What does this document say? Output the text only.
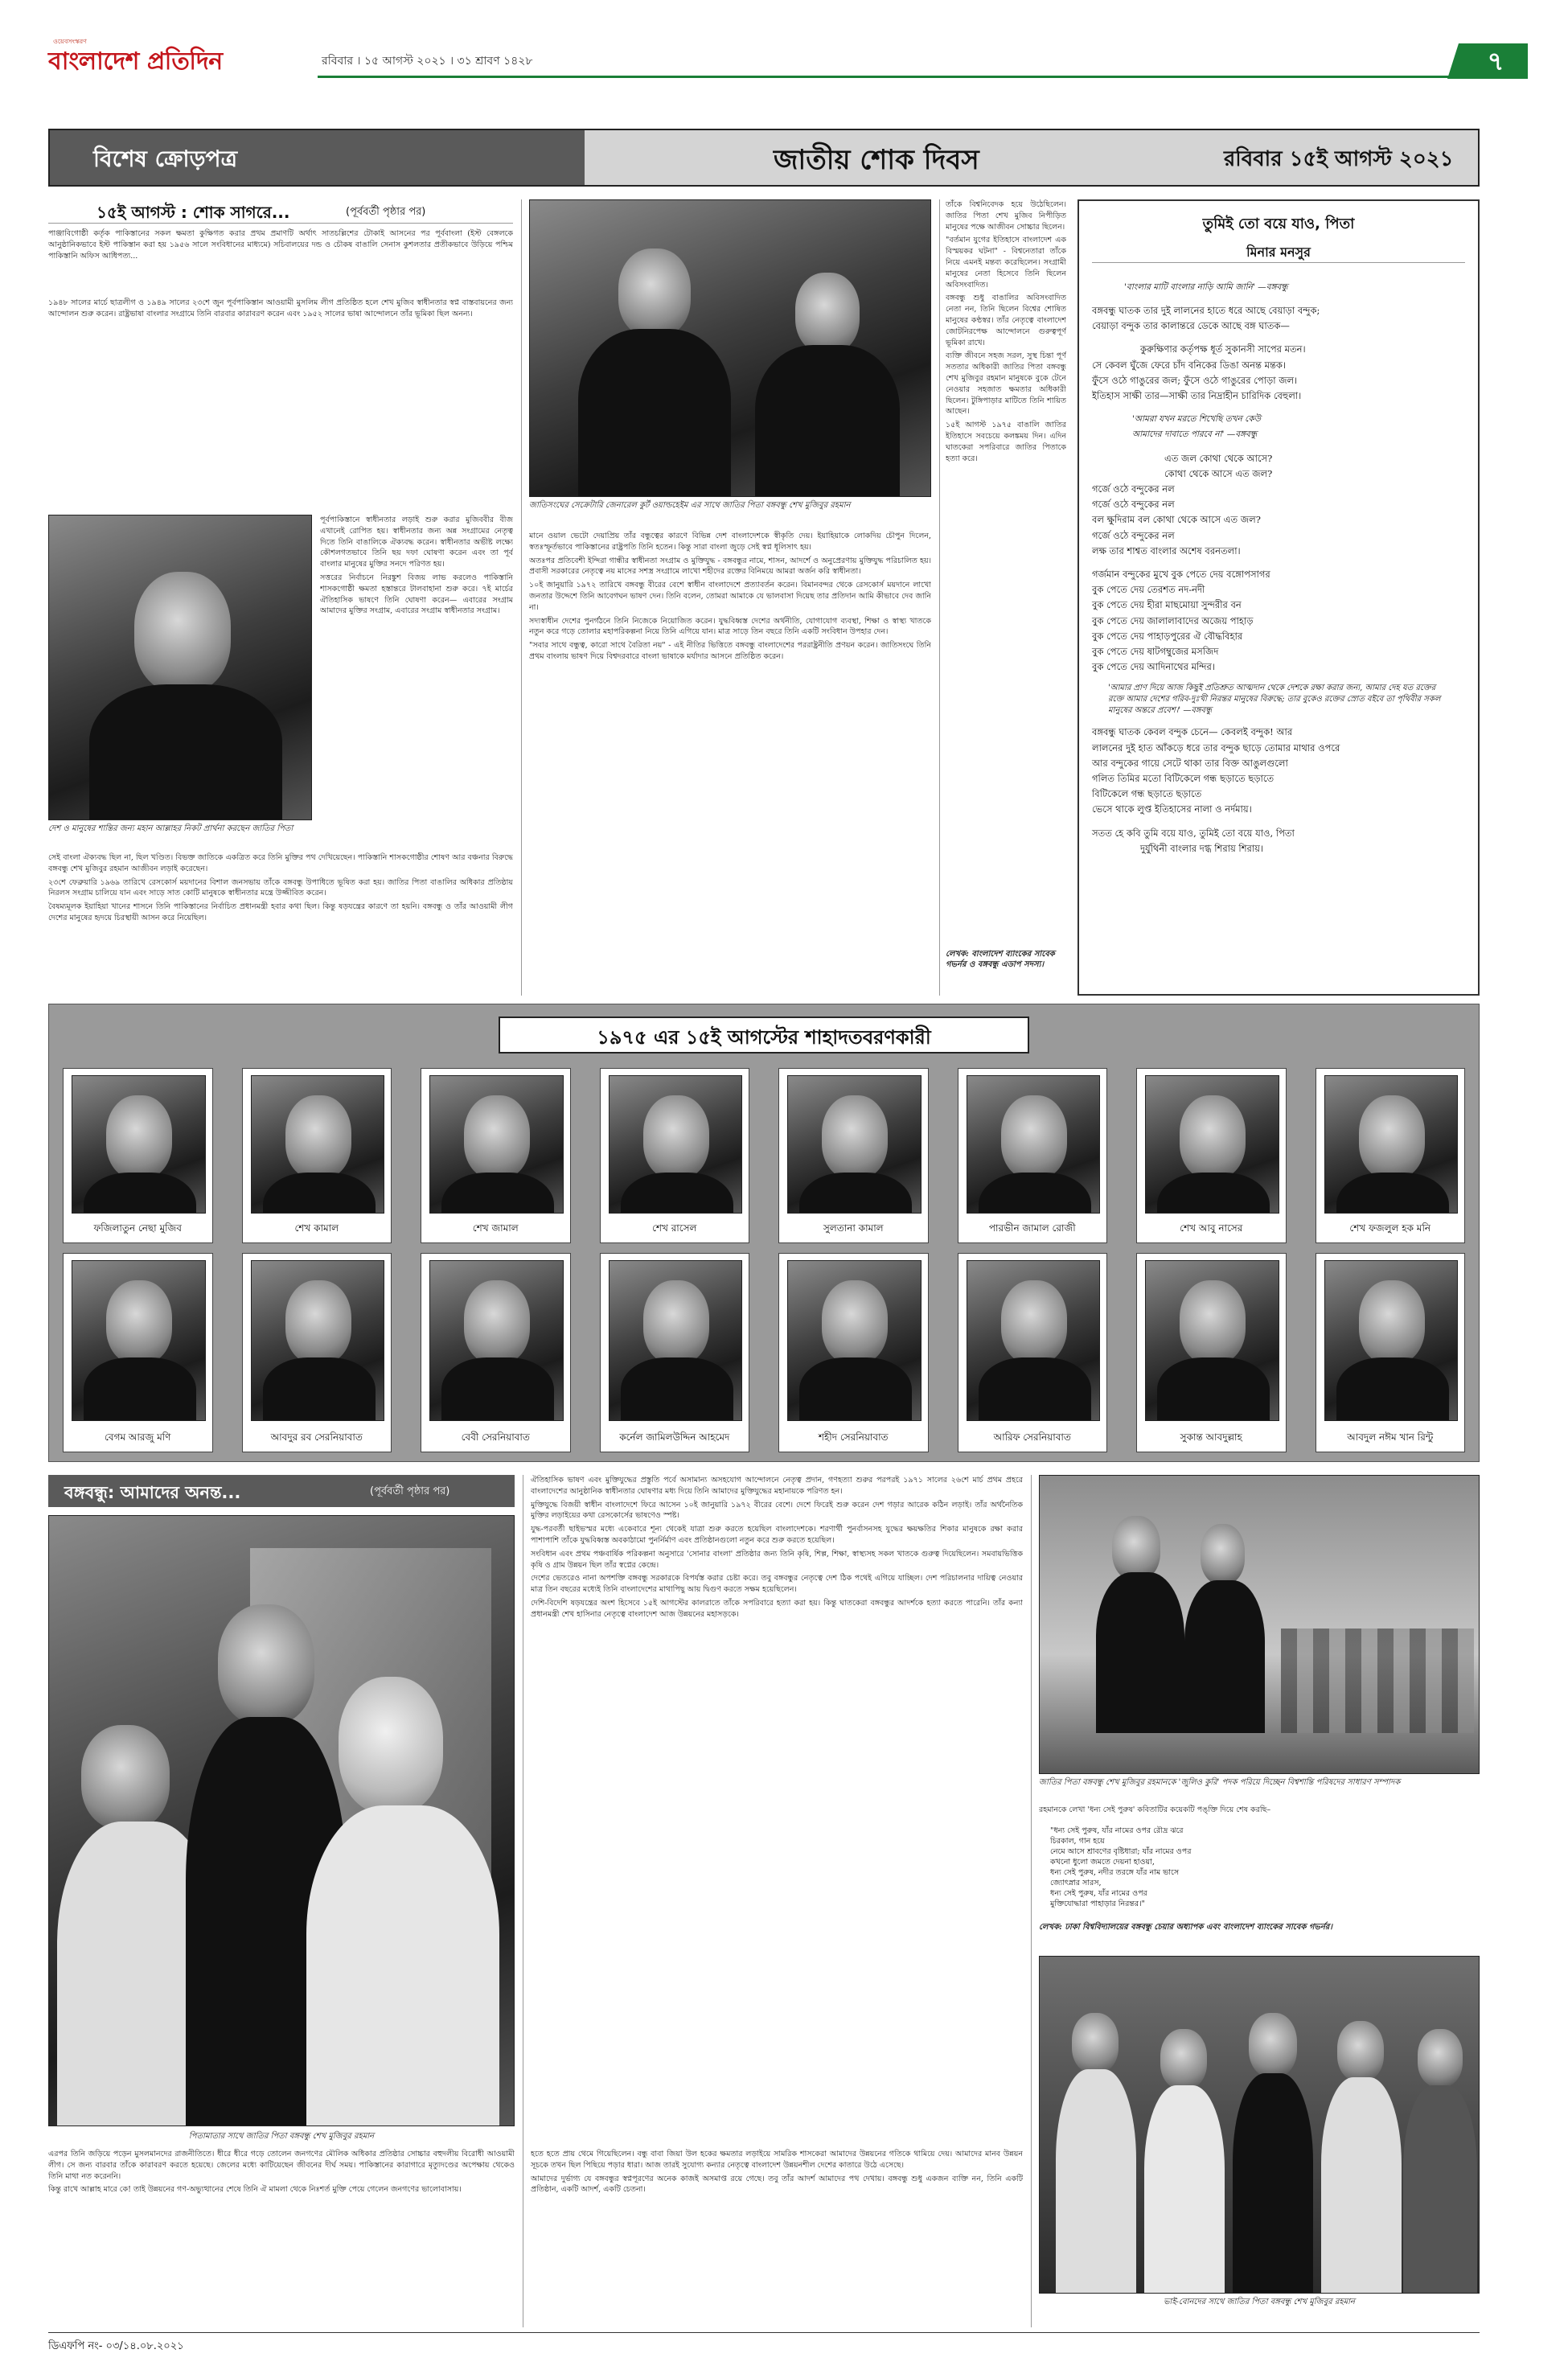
ওয়েবসংস্করণ
বাংলাদেশ প্রতিদিন	রবিবার । ১৫ আগস্ট ২০২১ । ৩১ শ্রাবণ ১৪২৮	৭
বিশেষ ক্রোড়পত্র	জাতীয় শোক দিবস	রবিবার ১৫ই আগস্ট ২০২১
১৫ই আগস্ট : শোক সাগরে...	(পূর্ববর্তী পৃষ্ঠার পর)
পাঞ্জাবিগোষ্ঠী কর্তৃক পাকিস্তানের সকল ক্ষমতা কুক্ষিগত করার প্রথম প্রমাণটি অর্থাৎ সাতচল্লিশের টোকাই আসনের পর পূর্ববাংলা (ইস্ট বেঙ্গলকে আনুষ্ঠানিকভাবে ইস্ট পাকিস্তান করা হয় ১৯৫৬ সালে সংবিধানের মাধ্যমে) সচিবালয়ের দন্ড ও চৌকষ বাঙালি সেনাস কুশলতার প্রতীকভাবে উড়িয়ে পশ্চিম পাকিস্তানি অফিস আধিপত্য...

১৯৪৮ সালের মার্চে ছাত্রলীগ ও ১৯৪৯ সালের ২৩শে জুন পূর্বপাকিস্তান আওয়ামী মুসলিম লীগ প্রতিষ্ঠিত হলে শেখ মুজিব স্বাধীনতার স্বপ্ন বাস্তবায়নের জন্য আন্দোলন শুরু করেন। রাষ্ট্রভাষা বাংলার সংগ্রামে তিনি বারবার কারাবরণ করেন এবং ১৯৫২ সালের ভাষা আন্দোলনে তাঁর ভূমিকা ছিল অনন্য।

দেশ ও মানুষের শান্তির জন্য মহান আল্লাহর নিকট প্রার্থনা করছেন জাতির পিতা

পূর্বপাকিস্তানে স্বাধীনতার লড়াই শুরু করার মুজিববীর বীজ এখানেই রোপিত হয়। স্বাধীনতার জন্য অন্ন সংগ্রামের নেতৃত্ব দিতে তিনি বাঙালিকে ঐক্যবদ্ধ করেন। স্বাধীনতার অভীষ্ট লক্ষ্যে কৌশলগতভাবে তিনি ছয় দফা ঘোষণা করেন এবং তা পূর্ব বাংলার মানুষের মুক্তির সনদে পরিণত হয়।

সত্তরের নির্বাচনে নিরঙ্কুশ বিজয় লাভ করলেও পাকিস্তানি শাসকগোষ্ঠী ক্ষমতা হস্তান্তরে টালবাহানা শুরু করে। ৭ই মার্চের ঐতিহাসিক ভাষণে তিনি ঘোষণা করেন— এবারের সংগ্রাম আমাদের মুক্তির সংগ্রাম, এবারের সংগ্রাম স্বাধীনতার সংগ্রাম।

সেই বাংলা ঐক্যবদ্ধ ছিল না, ছিল খণ্ডিত। বিভক্ত জাতিকে একত্রিত করে তিনি মুক্তির পথ দেখিয়েছেন। পাকিস্তানি শাসকগোষ্ঠীর শোষণ আর বঞ্চনার বিরুদ্ধে বঙ্গবন্ধু শেখ মুজিবুর রহমান আজীবন লড়াই করেছেন।

২৩শে ফেব্রুয়ারি ১৯৬৯ তারিখে রেসকোর্স ময়দানের বিশাল জনসভায় তাঁকে বঙ্গবন্ধু উপাধিতে ভূষিত করা হয়। জাতির পিতা বাঙালির অধিকার প্রতিষ্ঠায় নিরলস সংগ্রাম চালিয়ে যান এবং সাড়ে সাত কোটি মানুষকে স্বাধীনতার মন্ত্রে উজ্জীবিত করেন।

বৈষম্যমূলক ইয়াহিয়া খানের শাসনে তিনি পাকিস্তানের নির্বাচিত প্রধানমন্ত্রী হবার কথা ছিল। কিন্তু ষড়যন্ত্রের কারণে তা হয়নি। বঙ্গবন্ধু ও তাঁর আওয়ামী লীগ দেশের মানুষের হৃদয়ে চিরস্থায়ী আসন করে নিয়েছিল।

জাতিসংঘের সেক্রেটারি জেনারেল কুর্ট ওয়াল্ডহেইম এর সাথে জাতির পিতা বঙ্গবন্ধু শেখ মুজিবুর রহমান

মানে ওয়াল ভেটো দেয়াপ্রিয় তাঁর বন্ধুত্বের কারণে বিভিন্ন দেশ বাংলাদেশকে স্বীকৃতি দেয়। ইয়াহিয়াকে লোকদিয় চৌপুন দিলেন, স্বতঃস্ফূর্তভাবে পাকিস্তানের রাষ্ট্রপতি তিনি হতেন। কিন্তু সারা বাংলা জুড়ে সেই স্বপ্ন ধূলিসাৎ হয়।

অতঃপর প্রতিবেশী ইন্দিরা গান্ধীর স্বাধীনতা সংগ্রাম ও মুক্তিযুদ্ধ - বঙ্গবন্ধুর নামে, শাসন, আদর্শে ও অনুপ্রেরণায় মুক্তিযুদ্ধ পরিচালিত হয়। প্রবাসী সরকারের নেতৃত্বে নয় মাসের সশস্ত্র সংগ্রামে লাখো শহীদের রক্তের বিনিময়ে আমরা অর্জন করি স্বাধীনতা।

১০ই জানুয়ারি ১৯৭২ তারিখে বঙ্গবন্ধু বীরের বেশে স্বাধীন বাংলাদেশে প্রত্যাবর্তন করেন। বিমানবন্দর থেকে রেসকোর্স ময়দানে লাখো জনতার উদ্দেশে তিনি আবেগঘন ভাষণ দেন। তিনি বলেন, তোমরা আমাকে যে ভালবাসা দিয়েছ তার প্রতিদান আমি কীভাবে দেব জানি না।

সদ্যস্বাধীন দেশের পুনর্গঠনে তিনি নিজেকে নিয়োজিত করেন। যুদ্ধবিধ্বস্ত দেশের অর্থনীতি, যোগাযোগ ব্যবস্থা, শিক্ষা ও স্বাস্থ্য খাতকে নতুন করে গড়ে তোলার মহাপরিকল্পনা নিয়ে তিনি এগিয়ে যান। মাত্র সাড়ে তিন বছরে তিনি একটি সংবিধান উপহার দেন।

"সবার সাথে বন্ধুত্ব, কারো সাথে বৈরিতা নয়" - এই নীতির ভিত্তিতে বঙ্গবন্ধু বাংলাদেশের পররাষ্ট্রনীতি প্রণয়ন করেন। জাতিসংঘে তিনি প্রথম বাংলায় ভাষণ দিয়ে বিশ্বদরবারে বাংলা ভাষাকে মর্যাদার আসনে প্রতিষ্ঠিত করেন।

তাঁকে বিশ্বনিবেদক হয়ে উঠেছিলেন। জাতির পিতা শেখ মুজিব নিপীড়িত মানুষের পক্ষে আজীবন সোচ্চার ছিলেন।

"বর্তমান যুগের ইতিহাসে বাংলাদেশ এক বিস্ময়কর ঘটনা" - বিশ্বনেতারা তাঁকে নিয়ে এমনই মন্তব্য করেছিলেন। সংগ্রামী মানুষের নেতা হিসেবে তিনি ছিলেন অবিসংবাদিত।

বঙ্গবন্ধু শুধু বাঙালির অবিসংবাদিত নেতা নন, তিনি ছিলেন বিশ্বের শোষিত মানুষের কণ্ঠস্বর। তাঁর নেতৃত্বে বাংলাদেশ জোটনিরপেক্ষ আন্দোলনে গুরুত্বপূর্ণ ভূমিকা রাখে।

ব্যক্তি জীবনে সহজ সরল, সুস্থ চিন্তা পূর্ণ সততার অধিকারী জাতির পিতা বঙ্গবন্ধু শেখ মুজিবুর রহমান মানুষকে বুকে টেনে নেওয়ার সহজাত ক্ষমতার অধিকারী ছিলেন। টুঙ্গিপাড়ার মাটিতে তিনি শায়িত আছেন।

১৫ই আগস্ট ১৯৭৫ বাঙালি জাতির ইতিহাসে সবচেয়ে কলঙ্কময় দিন। এদিন ঘাতকেরা সপরিবারে জাতির পিতাকে হত্যা করে।

লেখক: বাংলাদেশ ব্যাংকের সাবেক গভর্নর ও বঙ্গবন্ধু এডাপ সদস্য।
তুমিই তো বয়ে যাও, পিতা
মিনার মনসুর
'বাংলার মাটি বাংলার নাড়ি আমি জানি' —বঙ্গবন্ধু
বঙ্গবন্ধু ঘাতক তার দুই লালনের হাতে ধরে আছে বেয়াড়া বন্দুক;
বেয়াড়া বন্দুক তার কালান্তরে ডেকে আছে বঙ্গ ঘাতক—
কুরুক্ষিণার কর্তৃপক্ষ ধূর্ত সুকানসী সাপের মতন।
সে কেবল ঘুঁজে ফেরে চাঁদ বনিকের ডিঙা অনন্ত মন্তক।
ফুঁসে ওঠে গাঙুরের জল; ফুঁসে ওঠে গাঙুরের পোড়া জল।
ইতিহাস সাক্ষী তার—সাক্ষী তার নিদ্রাহীন চারিদিক বেহুলা।
'আমরা যখন মরতে শিখেছি তখন কেউ
আমাদের দাবাতে পারবে না' —বঙ্গবন্ধু
এত জল কোথা থেকে আসে?
কোথা থেকে আসে এত জল?
গর্জে ওঠে বন্দুকের নল
গর্জে ওঠে বন্দুকের নল
বল ক্ষুদিরাম বল কোথা থেকে আসে এত জল?
গর্জে ওঠে বন্দুকের নল
লক্ষ তার শাশ্বত বাংলার অশেষ বরনতলা।
গর্জমান বন্দুকের মুখে বুক পেতে দেয় বঙ্গোপসাগর
বুক পেতে দেয় তেরশত নদ-নদী
বুক পেতে দেয় হীরা মাছমোয়া সুন্দরীর বন
বুক পেতে দেয় জালালাবাদের অজেয় পাহাড়
বুক পেতে দেয় পাহাড়পুরের ঐ বৌদ্ধবিহার
বুক পেতে দেয় ষাটগম্বুজের মসজিদ
বুক পেতে দেয় আদিনাথের মন্দির।
'আমার প্রাণ দিয়ে আজ কিছুই প্রতিশ্রুত আত্মদান থেকে দেশকে রক্ষা করার জন্য, আমার দেহ যত রক্তের রক্তে আমার দেশের গরিব-দুঃখী নিরন্তর মানুষের বিরুদ্ধে; তার বুকেও রক্তের স্রোত বইবে তা পৃথিবীর সকল মানুষের অন্তরে প্রবেশ।' —বঙ্গবন্ধু
বঙ্গবন্ধু ঘাতক কেবল বন্দুক চেনে— কেবলই বন্দুক! আর
লালনের দুই হাত আঁকড়ে ধরে তার বন্দুক ছাড়ে তোমার মাথার ওপরে
আর বন্দুকের গায়ে সেটে থাকা তার বিক্ত আঙুলগুলো
গলিত তিমির মতো বিটিকেলে গন্ধ ছড়াতে ছড়াতে
বিটিকেলে গন্ধ ছড়াতে ছড়াতে
ভেসে থাকে লুপ্ত ইতিহাসের নালা ও নর্দমায়।
সতত হে কবি তুমি বয়ে যাও, তুমিই তো বয়ে যাও, পিতা
দুর্যুথিনী বাংলার দগ্ধ শিরায় শিরায়।
১৯৭৫ এর ১৫ই আগস্টের শাহাদতবরণকারী
ফজিলাতুন নেছা মুজিব	শেখ কামাল	শেখ জামাল	শেখ রাসেল	সুলতানা কামাল	পারভীন জামাল রোজী	শেখ আবু নাসের	শেখ ফজলুল হক মনি
বেগম আরজু মণি	আবদুর রব সেরনিয়াবাত	বেবী সেরনিয়াবাত	কর্নেল জামিলউদ্দিন আহমেদ	শহীদ সেরনিয়াবাত	আরিফ সেরনিয়াবাত	সুকান্ত আবদুল্লাহ	আবদুল নঈম খান রিন্টু
বঙ্গবন্ধু: আমাদের অনন্ত...	(পূর্ববর্তী পৃষ্ঠার পর)
পিতামাতার সাথে জাতির পিতা বঙ্গবন্ধু শেখ মুজিবুর রহমান

এরপর তিনি জড়িয়ে পড়েন মুসলমানদের রাজনীতিতে। ধীরে ধীরে গড়ে তোলেন জনগণের মৌলিক অধিকার প্রতিষ্ঠার সোচ্চার বহুদলীয় বিরোধী আওয়ামী লীগ। সে জন্য বারবার তাঁকে কারাবরণ করতে হয়েছে। জেলের মধ্যে কাটিয়েছেন জীবনের দীর্ঘ সময়। পাকিস্তানের কারাগারে মৃত্যুদণ্ডের অপেক্ষায় থেকেও তিনি মাথা নত করেননি।

কিন্তু রাখে আল্লাহ মারে কে! তাই উন্নয়নের গণ-অভ্যুত্থানের শেষে তিনি ঐ মামলা থেকে নিঃশর্ত মুক্তি পেয়ে গেলেন জনগণের ভালোবাসায়।

ঐতিহাসিক ভাষণ এবং মুক্তিযুদ্ধের প্রস্তুতি পর্বে অসামান্য অসহযোগ আন্দোলনে নেতৃত্ব প্রদান, গণহত্যা শুরুর পরপরই ১৯৭১ সালের ২৬শে মার্চ প্রথম প্রহরে বাংলাদেশের আনুষ্ঠানিক স্বাধীনতার ঘোষণার মধ্য দিয়ে তিনি আমাদের মুক্তিযুদ্ধের মহানায়কে পরিণত হন।

মুক্তিযুদ্ধে বিজয়ী স্বাধীন বাংলাদেশে ফিরে আসেন ১০ই জানুয়ারি ১৯৭২ বীরের বেশে। দেশে ফিরেই শুরু করেন দেশ গড়ার আরেক কঠিন লড়াই। তাঁর অর্থনৈতিক মুক্তির লড়াইয়ের কথা রেসকোর্সের ভাষণেও স্পষ্ট।

যুদ্ধ-পরবর্তী ছাইভস্মর মধ্যে একেবারে শূন্য থেকেই যাত্রা শুরু করতে হয়েছিল বাংলাদেশকে। শরণার্থী পুনর্বাসনসহ যুদ্ধের ক্ষয়ক্ষতির শিকার মানুষকে রক্ষা করার পাশাপাশি তাঁকে যুদ্ধবিধ্বস্ত অবকাঠামো পুনর্নির্মাণ এবং প্রতিষ্ঠানগুলো নতুন করে শুরু করতে হয়েছিল।

সংবিধান এবং প্রথম পঞ্চবার্ষিক পরিকল্পনা অনুসারে 'সোনার বাংলা' প্রতিষ্ঠার জন্য তিনি কৃষি, শিল্প, শিক্ষা, স্বাস্থ্যসহ সকল খাতকে গুরুত্ব দিয়েছিলেন। সমবায়ভিত্তিক কৃষি ও গ্রাম উন্নয়ন ছিল তাঁর স্বপ্নের কেন্দ্রে।

দেশের ভেতরেও নানা অপশক্তি বঙ্গবন্ধু সরকারকে বিপর্যস্ত করার চেষ্টা করে। তবু বঙ্গবন্ধুর নেতৃত্বে দেশ ঠিক পথেই এগিয়ে যাচ্ছিল। দেশ পরিচালনার দায়িত্ব নেওয়ার মাত্র তিন বছরের মধ্যেই তিনি বাংলাদেশের মাথাপিছু আয় দ্বিগুণ করতে সক্ষম হয়েছিলেন।

দেশি-বিদেশি ষড়যন্ত্রের অংশ হিসেবে ১৫ই আগস্টের কালরাতে তাঁকে সপরিবারে হত্যা করা হয়। কিন্তু ঘাতকেরা বঙ্গবন্ধুর আদর্শকে হত্যা করতে পারেনি। তাঁর কন্যা প্রধানমন্ত্রী শেখ হাসিনার নেতৃত্বে বাংলাদেশ আজ উন্নয়নের মহাসড়কে।

হতে হতে প্রায় থেমে গিয়েছিলেন। বন্ধু বাবা জিয়া উল হকের ক্ষমতার লড়াইয়ে সামরিক শাসকেরা আমাদের উন্নয়নের গতিকে থামিয়ে দেয়। আমাদের মানব উন্নয়ন সূচকে তখন ছিল পিছিয়ে পড়ার ধারা। আজ তারই সুযোগ্য কন্যার নেতৃত্বে বাংলাদেশ উন্নয়নশীল দেশের কাতারে উঠে এসেছে।

আমাদের দুর্ভাগ্য যে বঙ্গবন্ধুর স্বপ্নপূরণের অনেক কাজই অসমাপ্ত রয়ে গেছে। তবু তাঁর আদর্শ আমাদের পথ দেখায়। বঙ্গবন্ধু শুধু একজন ব্যক্তি নন, তিনি একটি প্রতিষ্ঠান, একটি আদর্শ, একটি চেতনা।

জাতির পিতা বঙ্গবন্ধু শেখ মুজিবুর রহমানকে 'জুলিও কুরি' পদক পরিয়ে দিচ্ছেন বিশ্বশান্তি পরিষদের সাধারণ সম্পাদক
রহমানকে লেখা 'ধন্য সেই পুরুষ' কবিতাটির কয়েকটি পঙ্‌ক্তি দিয়ে শেষ করছি–
"ধন্য সেই পুরুষ, যাঁর নামের ওপর রৌদ্র ঝরে
চিরকাল, গান হয়ে
নেমে আসে শ্রাবণের বৃষ্টিধারা; যাঁর নামের ওপর
কখনো ধুলো জমতে দেয়না হাওয়া,
ধন্য সেই পুরুষ, নদীর তরঙ্গে যাঁর নাম ভাসে
জ্যোৎস্নার সারস,
ধন্য সেই পুরুষ, যাঁর নামের ওপর
মুক্তিযোদ্ধারা পাহাড়ার নিরন্তর।"
লেখক: ঢাকা বিশ্ববিদ্যালয়ের বঙ্গবন্ধু চেয়ার অধ্যাপক এবং বাংলাদেশ ব্যাংকের সাবেক গভর্নর।
ভাই-বোনদের সাথে জাতির পিতা বঙ্গবন্ধু শেখ মুজিবুর রহমান
ডিএফপি নং- ০৩/১৪.০৮.২০২১
